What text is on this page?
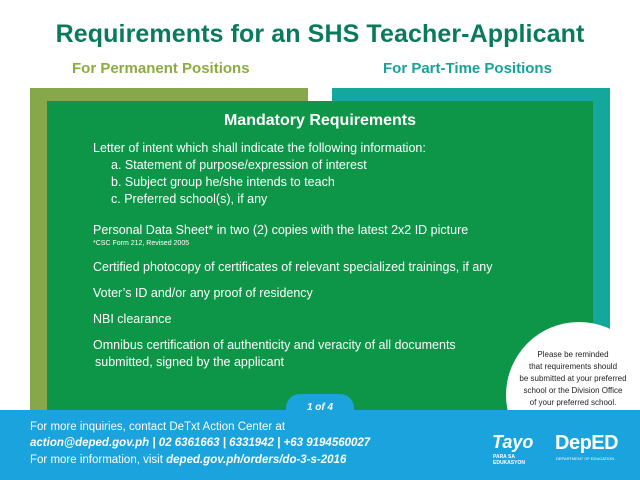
Requirements for an SHS Teacher-Applicant
For Permanent Positions	For Part-Time Positions
Mandatory Requirements
Letter of intent which shall indicate the following information:
a. Statement of purpose/expression of interest
b. Subject group he/she intends to teach
c. Preferred school(s), if any
Personal Data Sheet* in two (2) copies with the latest 2x2 ID picture
*CSC Form 212, Revised 2005
Certified photocopy of certificates of relevant specialized trainings, if any
Voter’s ID and/or any proof of residency
NBI clearance
Omnibus certification of authenticity and veracity of all documents
submitted, signed by the applicant
Please be reminded
that requirements should
be submitted at your preferred
school or the Division Office
of your preferred school.
1 of 4
For more inquiries, contact DeTxt Action Center at
action@deped.gov.ph | 02 6361663 | 6331942 | +63 9194560027
For more information, visit deped.gov.ph/orders/do-3-s-2016
Tayo
PARA SA
EDUKASYON
DepED
DEPARTMENT OF EDUCATION
